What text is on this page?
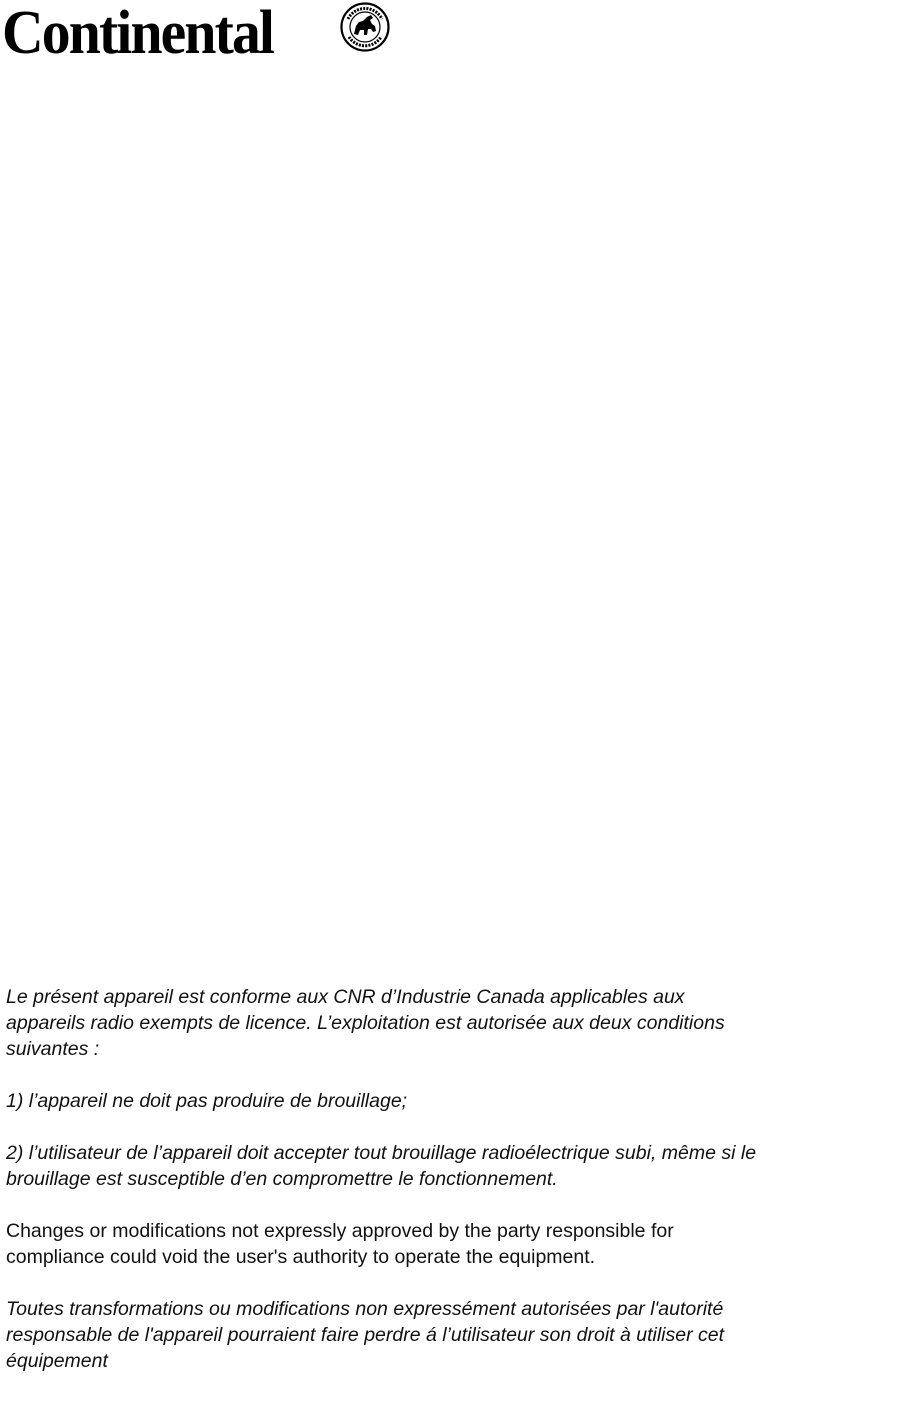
Continental

Le présent appareil est conforme aux CNR d’Industrie Canada applicables aux

appareils radio exempts de licence. L’exploitation est autorisée aux deux conditions

suivantes :

1) l’appareil ne doit pas produire de brouillage;

2) l’utilisateur de l’appareil doit accepter tout brouillage radioélectrique subi, même si le

brouillage est susceptible d’en compromettre le fonctionnement.

Changes or modifications not expressly approved by the party responsible for

compliance could void the user's authority to operate the equipment.

Toutes transformations ou modifications non expressément autorisées par l'autorité

responsable de l'appareil pourraient faire perdre á l’utilisateur son droit à utiliser cet

équipement
